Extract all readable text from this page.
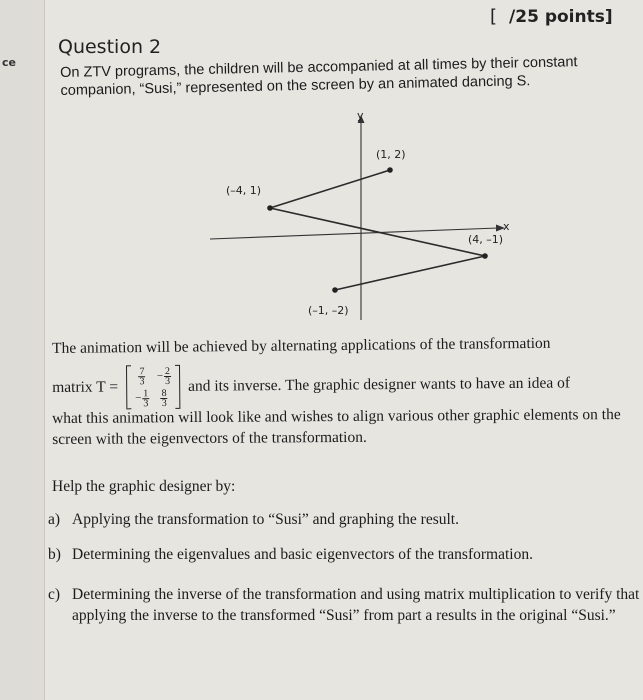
ce
[ /25 points]
Question 2

On ZTV programs, the children will be accompanied at all times by their constant companion, “Susi,” represented on the screen by an animated dancing S.

y
x
(1, 2)
(–4, 1)
(4, –1)
(–1, –2)

The animation will be achieved by alternating applications of the transformation

matrix T =
$\frac{7}{3} - \frac{2}{3}$
− $\frac{1}{3} \frac{8}{3}$
and its inverse. The graphic designer wants to have an idea of

what this animation will look like and wishes to align various other graphic elements on the screen with the eigenvectors of the transformation.

Help the graphic designer by:

a) Applying the transformation to “Susi” and graphing the result.
b) Determining the eigenvalues and basic eigenvectors of the transformation.
c) Determining the inverse of the transformation and using matrix multiplication to verify that applying the inverse to the transformed “Susi” from part a results in the original “Susi.”
